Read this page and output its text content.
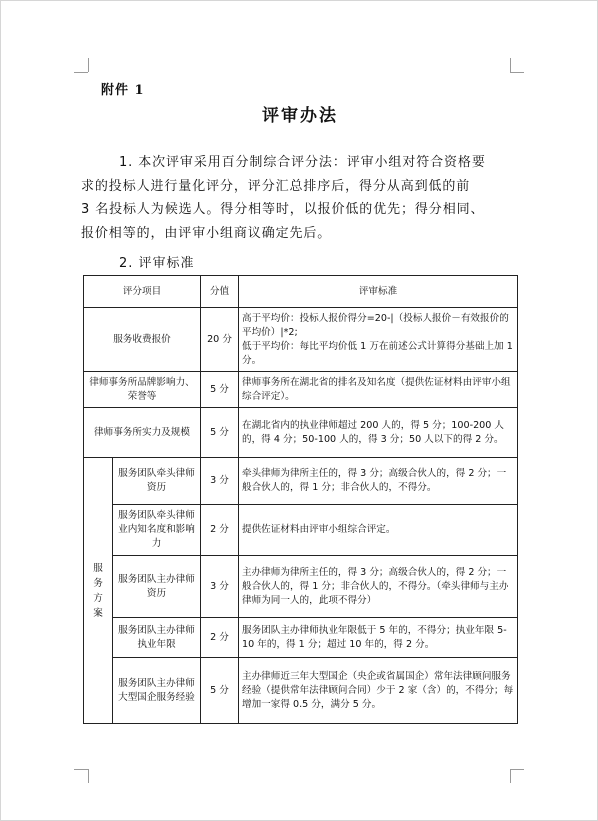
附件 1
评审办法
1. 本次评审采用百分制综合评分法：评审小组对符合资格要
求的投标人进行量化评分，评分汇总排序后，得分从高到低的前
3 名投标人为候选人。得分相等时，以报价低的优先；得分相同、
报价相等的，由评审小组商议确定先后。
2. 评审标准
评分项目		分值	评审标准
服务收费报价		20 分	高于平均价：投标人报价得分=20-|（投标人报价－有效报价的平均价）|*2;
低于平均价：每比平均价低 1 万在前述公式计算得分基础上加 1 分。

律师事务所品牌影响力、荣誉等		5 分	律师事务所在湖北省的排名及知名度（提供佐证材料由评审小组综合评定）。
律师事务所实力及规模		5 分	在湖北省内的执业律师超过 200 人的，得 5 分；100-200 人的，得 4 分；50-100 人的，得 3 分；50 人以下的得 2 分。
服务方案	服务团队牵头律师资历	3 分	牵头律师为律所主任的，得 3 分；高级合伙人的，得 2 分；一般合伙人的，得 1 分；非合伙人的，不得分。
	服务团队牵头律师业内知名度和影响力	2 分	提供佐证材料由评审小组综合评定。
	服务团队主办律师资历	3 分	主办律师为律所主任的，得 3 分；高级合伙人的，得 2 分；一般合伙人的，得 1 分；非合伙人的，不得分。（牵头律师与主办律师为同一人的，此项不得分）
	服务团队主办律师执业年限	2 分	服务团队主办律师执业年限低于 5 年的，不得分；执业年限 5-10 年的，得 1 分；超过 10 年的，得 2 分。
	服务团队主办律师大型国企服务经验	5 分	主办律师近三年大型国企（央企或省属国企）常年法律顾问服务经验（提供常年法律顾问合同）少于 2 家（含）的，不得分；每增加一家得 0.5 分，满分 5 分。
